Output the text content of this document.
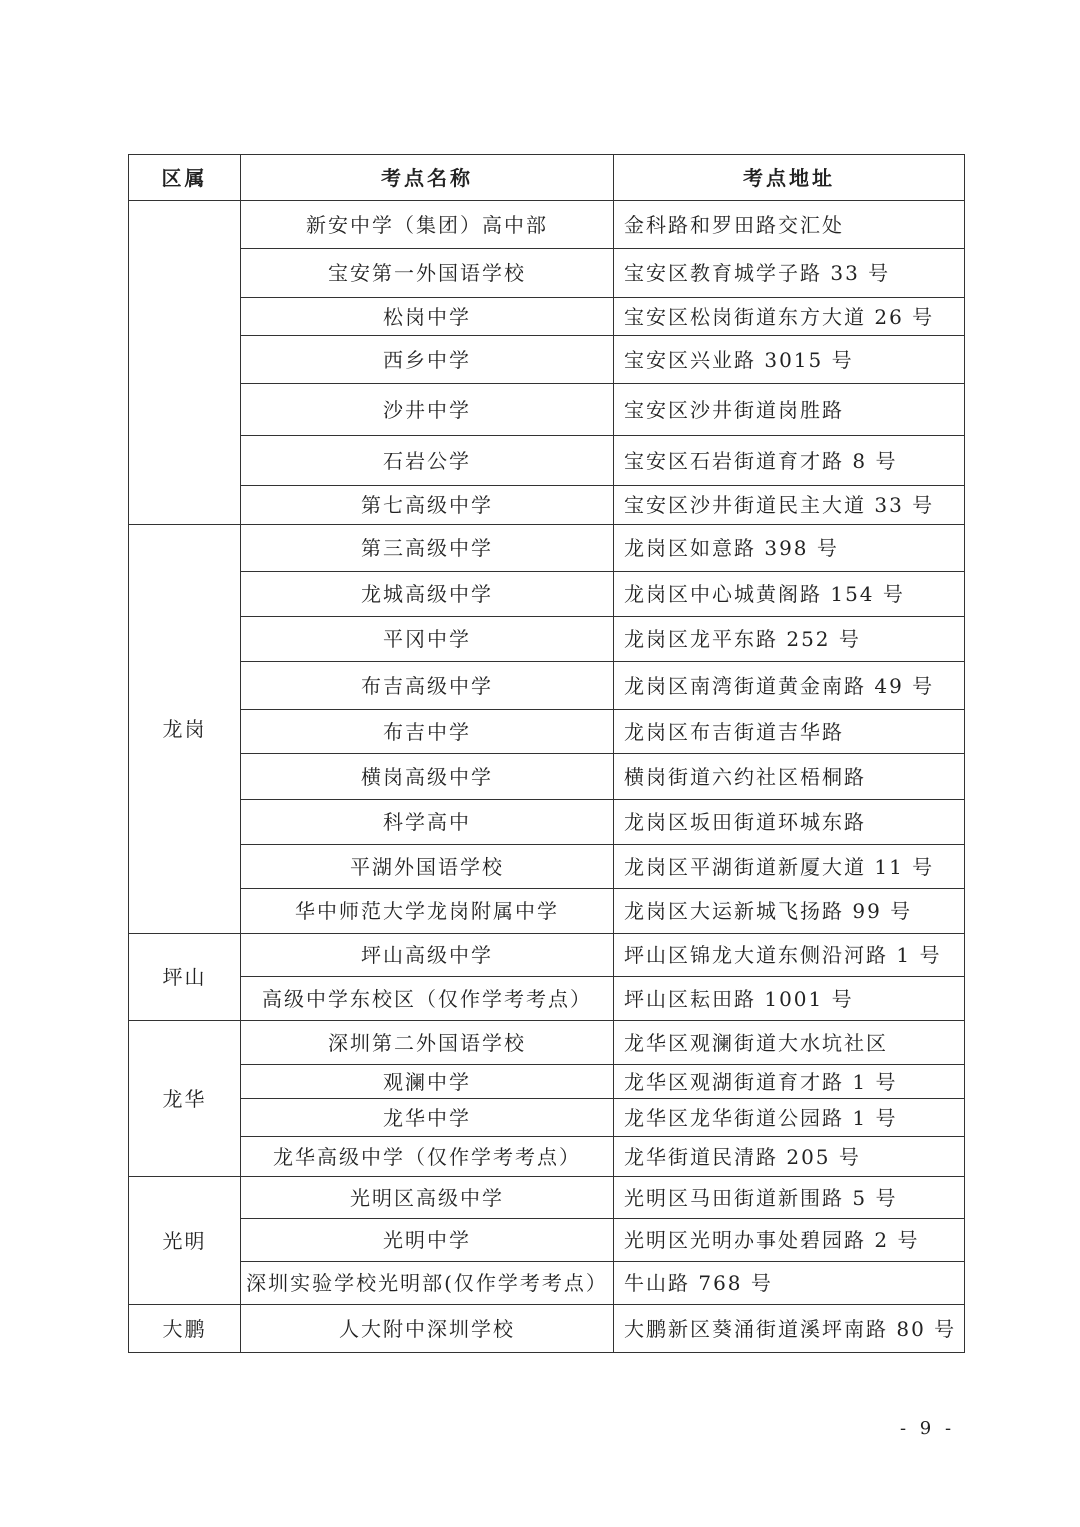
区属	考点名称	考点地址
	新安中学（集团）高中部	金科路和罗田路交汇处
	宝安第一外国语学校	宝安区教育城学子路 33 号
	松岗中学	宝安区松岗街道东方大道 26 号
	西乡中学	宝安区兴业路 3015 号
	沙井中学	宝安区沙井街道岗胜路
	石岩公学	宝安区石岩街道育才路 8 号
	第七高级中学	宝安区沙井街道民主大道 33 号
龙岗	第三高级中学	龙岗区如意路 398 号
	龙城高级中学	龙岗区中心城黄阁路 154 号
	平冈中学	龙岗区龙平东路 252 号
	布吉高级中学	龙岗区南湾街道黄金南路 49 号
	布吉中学	龙岗区布吉街道吉华路
	横岗高级中学	横岗街道六约社区梧桐路
	科学高中	龙岗区坂田街道环城东路
	平湖外国语学校	龙岗区平湖街道新厦大道 11 号
	华中师范大学龙岗附属中学	龙岗区大运新城飞扬路 99 号
坪山	坪山高级中学	坪山区锦龙大道东侧沿河路 1 号
	高级中学东校区（仅作学考考点）	坪山区耘田路 1001 号
龙华	深圳第二外国语学校	龙华区观澜街道大水坑社区
	观澜中学	龙华区观湖街道育才路 1 号
	龙华中学	龙华区龙华街道公园路 1 号
	龙华高级中学（仅作学考考点）	龙华街道民清路 205 号
光明	光明区高级中学	光明区马田街道新围路 5 号
	光明中学	光明区光明办事处碧园路 2 号
	深圳实验学校光明部(仅作学考考点）	牛山路 768 号
大鹏	人大附中深圳学校	大鹏新区葵涌街道溪坪南路 80 号
- 9 -
